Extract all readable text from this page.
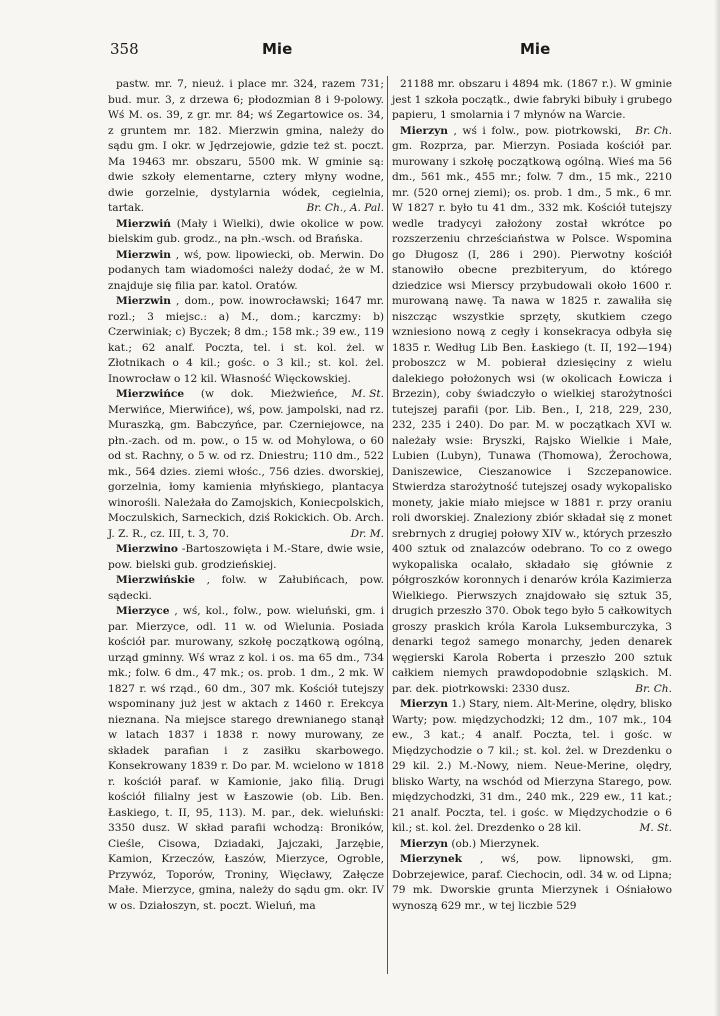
358	Mie	Mie

pastw. mr. 7, nieuż. i place mr. 324, razem 731; bud. mur. 3, z drzewa 6; płodozmian 8 i 9-polowy. Wś M. os. 39, z gr. mr. 84; wś Zegartowice os. 34, z gruntem mr. 182. Mierzwin gmina, należy do sądu gm. I okr. w Jędrzejowie, gdzie też st. poczt. Ma 19463 mr. obszaru, 5500 mk. W gminie są: dwie szkoły elementarne, cztery młyny wodne, dwie gorzelnie, dystylarnia wódek, cegielnia, tartak.	Br. Ch., A. Pal.

Mierzwiń (Mały i Wielki), dwie okolice w pow. bielskim gub. grodz., na płn.-wsch. od Brańska.

Mierzwin , wś, pow. lipowiecki, ob. Merwin. Do podanych tam wiadomości należy dodać, że w M. znajduje się filia par. katol. Oratów.

Mierzwin , dom., pow. inowrocławski; 1647 mr. rozl.; 3 miejsc.: a) M., dom.; karczmy: b) Czerwiniak; c) Byczek; 8 dm.; 158 mk.; 39 ew., 119 kat.; 62 analf. Poczta, tel. i st. kol. żel. w Złotnikach o 4 kil.; gośc. o 3 kil.; st. kol. żel. Inowrocław o 12 kil. Własność Więckowskiej.
M. St.

Mierzwińce (w dok. Mieżwieńce, Merwińce, Mierwińce), wś, pow. jampolski, nad rz. Muraszką, gm. Babczyńce, par. Czerniejowce, na płn.-zach. od m. pow., o 15 w. od Mohylowa, o 60 od st. Rachny, o 5 w. od rz. Dniestru; 110 dm., 522 mk., 564 dzies. ziemi włośc., 756 dzies. dworskiej, gorzelnia, łomy kamienia młyńskiego, plantacya winorośli. Należała do Zamojskich, Koniecpolskich, Moczulskich, Sarneckich, dziś Rokickich. Ob. Arch. J. Z. R., cz. III, t. 3, 70.	Dr. M.

Mierzwino -Bartoszowięta i M.-Stare, dwie wsie, pow. bielski gub. grodzieńskiej.

Mierzwińskie , folw. w Załubińcach, pow. sądecki.

Mierzyce , wś, kol., folw., pow. wieluński, gm. i par. Mierzyce, odl. 11 w. od Wielunia. Posiada kościół par. murowany, szkołę początkową ogólną, urząd gminny. Wś wraz z kol. i os. ma 65 dm., 734 mk.; folw. 6 dm., 47 mk.; os. prob. 1 dm., 2 mk. W 1827 r. wś rząd., 60 dm., 307 mk. Kościół tutejszy wspominany już jest w aktach z 1460 r. Erekcya nieznana. Na miejsce starego drewnianego stanął w latach 1837 i 1838 r. nowy murowany, ze składek parafian i z zasiłku skarbowego. Konsekrowany 1839 r. Do par. M. wcielono w 1818 r. kościół paraf. w Kamionie, jako filią. Drugi kościół filialny jest w Łaszowie (ob. Lib. Ben. Łaskiego, t. II, 95, 113). M. par., dek. wieluński: 3350 dusz. W skład parafii wchodzą: Broników, Cieśle, Cisowa, Dziadaki, Jajczaki, Jarzębie, Kamion, Krzeczów, Łaszów, Mierzyce, Ogroble, Przywóz, Toporów, Troniny, Więcławy, Załęcze Małe. Mierzyce, gmina, należy do sądu gm. okr. IV w os. Działoszyn, st. poczt. Wieluń, ma

21188 mr. obszaru i 4894 mk. (1867 r.). W gminie jest 1 szkoła początk., dwie fabryki bibuły i grubego papieru, 1 smolarnia i 7 młynów na Warcie.
Br. Ch.

Mierzyn , wś i folw., pow. piotrkowski, gm. Rozprza, par. Mierzyn. Posiada kościół par. murowany i szkołę początkową ogólną. Wieś ma 56 dm., 561 mk., 455 mr.; folw. 7 dm., 15 mk., 2210 mr. (520 ornej ziemi); os. prob. 1 dm., 5 mk., 6 mr. W 1827 r. było tu 41 dm., 332 mk. Kościół tutejszy wedle tradycyi założony został wkrótce po rozszerzeniu chrześciaństwa w Polsce. Wspomina go Długosz (I, 286 i 290). Pierwotny kościół stanowiło obecne prezbiteryum, do którego dziedzice wsi Mierscy przybudowali około 1600 r. murowaną nawę. Ta nawa w 1825 r. zawaliła się niszcząc wszystkie sprzęty, skutkiem czego wzniesiono nową z cegły i konsekracya odbyła się 1835 r. Według Lib Ben. Łaskiego (t. II, 192—194) proboszcz w M. pobierał dziesięciny z wielu dalekiego położonych wsi (w okolicach Łowicza i Brzezin), coby świadczyło o wielkiej starożytności tutejszej parafii (por. Lib. Ben., I, 218, 229, 230, 232, 235 i 240). Do par. M. w początkach XVI w. należały wsie: Bryszki, Rajsko Wielkie i Małe, Lubien (Lubyn), Tunawa (Thomowa), Żerochowa, Daniszewice, Cieszanowice i Szczepanowice. Stwierdza starożytność tutejszej osady wykopalisko monety, jakie miało miejsce w 1881 r. przy oraniu roli dworskiej. Znaleziony zbiór składał się z monet srebrnych z drugiej połowy XIV w., których przeszło 400 sztuk od znalazców odebrano. To co z owego wykopaliska ocalało, składało się głównie z półgroszków koronnych i denarów króla Kazimierza Wielkiego. Pierwszych znajdowało się sztuk 35, drugich przeszło 370. Obok tego było 5 całkowitych groszy praskich króla Karola Luksemburczyka, 3 denarki tegoż samego monarchy, jeden denarek węgierski Karola Roberta i przeszło 200 sztuk całkiem niemych prawdopodobnie szląskich. M. par. dek. piotrkowski: 2330 dusz.	Br. Ch.

Mierzyn 1.) Stary, niem. Alt-Merine, olędry, blisko Warty; pow. międzychodzki; 12 dm., 107 mk., 104 ew., 3 kat.; 4 analf. Poczta, tel. i gośc. w Międzychodzie o 7 kil.; st. kol. żel. w Drezdenku o 29 kil. 2.) M.-Nowy, niem. Neue-Merine, olędry, blisko Warty, na wschód od Mierzyna Starego, pow. międzychodzki, 31 dm., 240 mk., 229 ew., 11 kat.; 21 analf. Poczta, tel. i gośc. w Międzychodzie o 6 kil.; st. kol. żel. Drezdenko o 28 kil.	M. St.

Mierzyn (ob.) Mierzynek.

Mierzynek , wś, pow. lipnowski, gm. Dobrzejewice, paraf. Ciechocin, odl. 34 w. od Lipna; 79 mk. Dworskie grunta Mierzynek i Ośniałowo wynoszą 629 mr., w tej liczbie 529
